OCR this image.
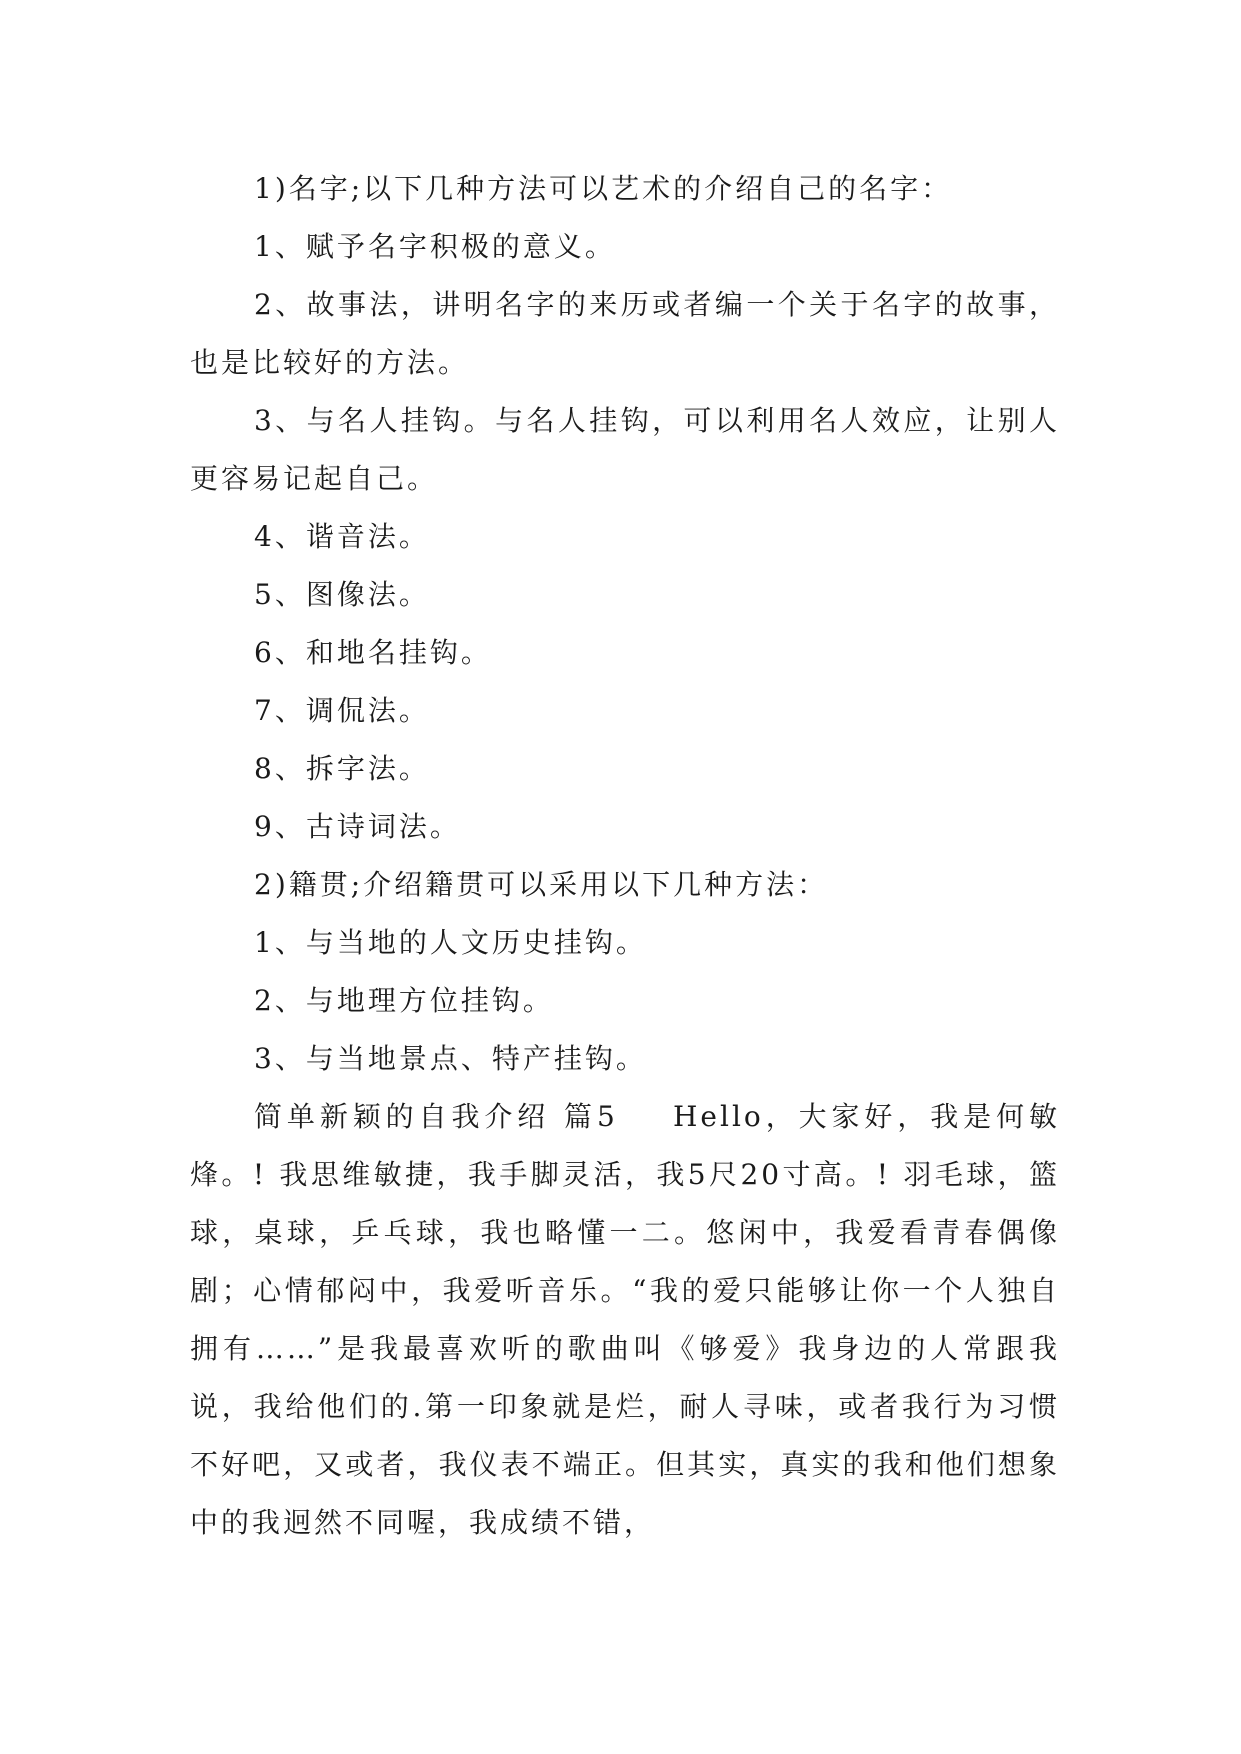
1)名字;以下几种方法可以艺术的介绍自己的名字：

1、赋予名字积极的意义。

2、故事法，讲明名字的来历或者编一个关于名字的故事，也是比较好的方法。

3、与名人挂钩。与名人挂钩，可以利用名人效应，让别人更容易记起自己。

4、谐音法。

5、图像法。

6、和地名挂钩。

7、调侃法。

8、拆字法。

9、古诗词法。

2)籍贯;介绍籍贯可以采用以下几种方法：

1、与当地的人文历史挂钩。

2、与地理方位挂钩。

3、与当地景点、特产挂钩。

简单新颖的自我介绍 篇5    Hello，大家好，我是何敏烽。! 我思维敏捷，我手脚灵活，我5尺20寸高。! 羽毛球，篮球，桌球，乒乓球，我也略懂一二。悠闲中，我爱看青春偶像剧；心情郁闷中，我爱听音乐。“我的爱只能够让你一个人独自拥有……”是我最喜欢听的歌曲叫《够爱》我身边的人常跟我说，我给他们的.第一印象就是烂，耐人寻味，或者我行为习惯不好吧，又或者，我仪表不端正。但其实，真实的我和他们想象中的我迥然不同喔，我成绩不错，
